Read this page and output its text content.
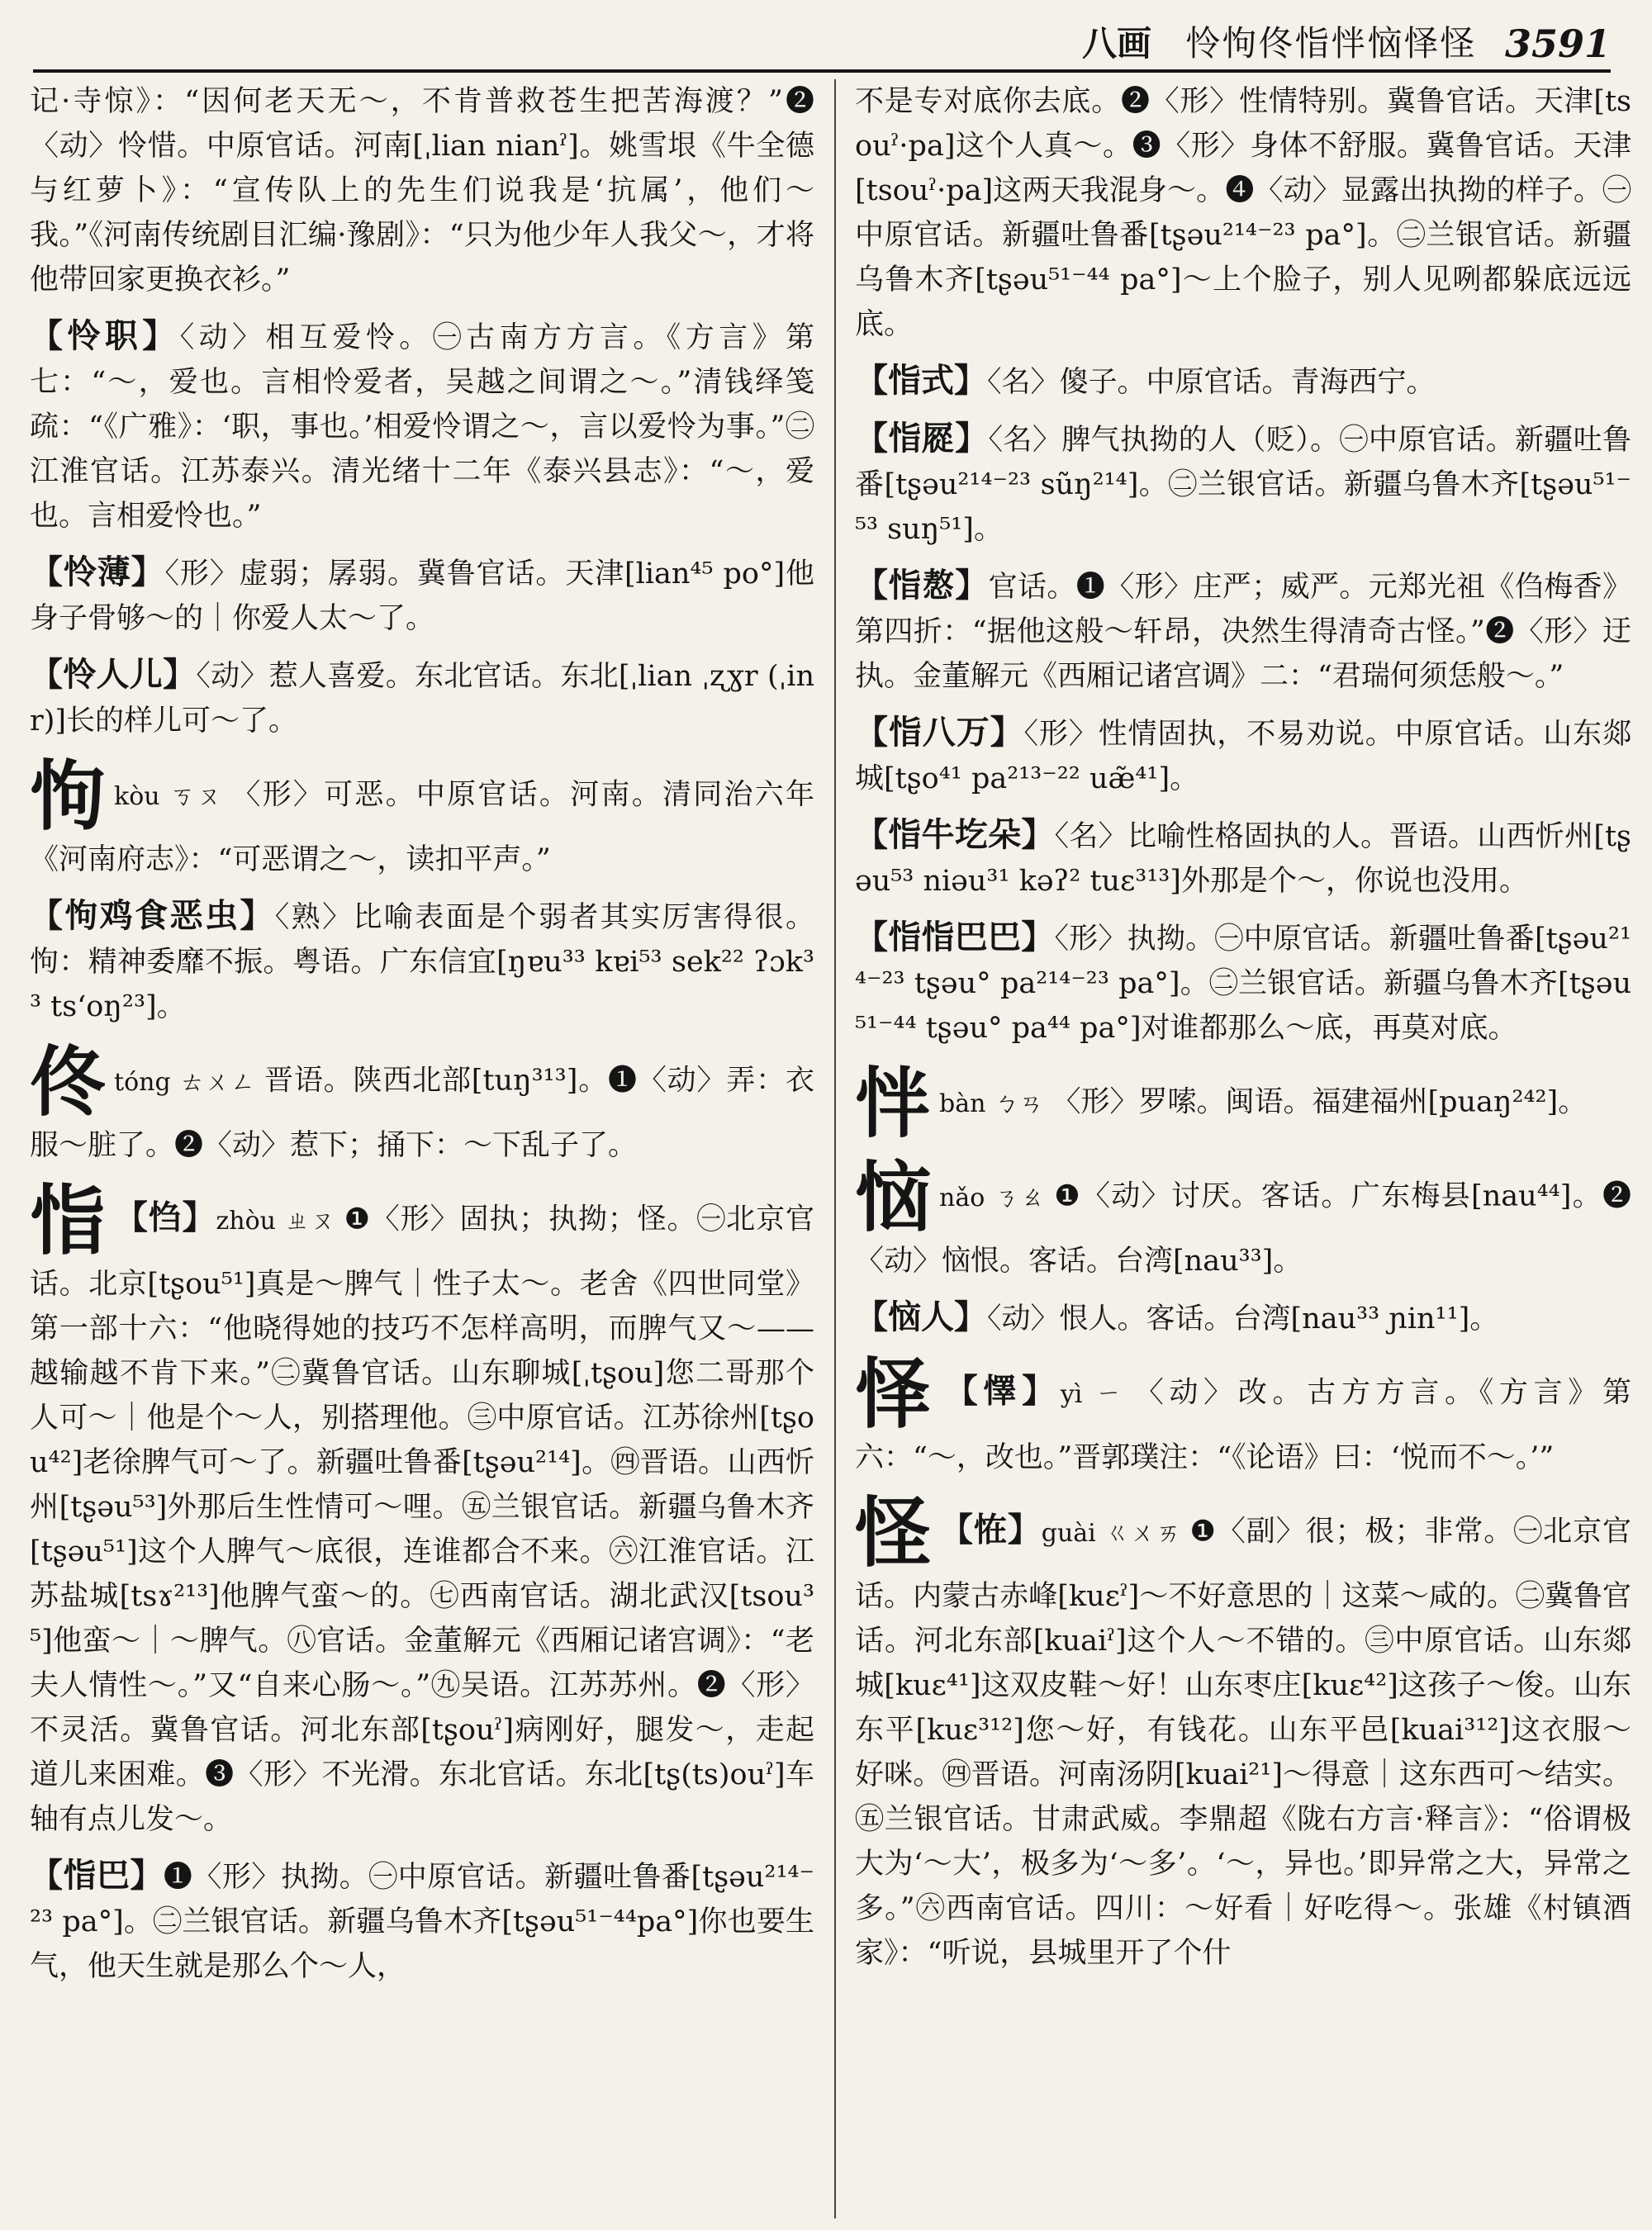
八画 怜怐佟恉怑恼怿怪 3591

记·寺惊》：“因何老天无～，不肯普救苍生把苦海渡？”❷〈动〉怜惜。中原官话。河南[ˌlian nianˀ]。姚雪垠《牛全德与红萝卜》：“宣传队上的先生们说我是‘抗属’，他们～我。”《河南传统剧目汇编·豫剧》：“只为他少年人我父～，才将他带回家更换衣衫。”

【怜职】〈动〉相互爱怜。㊀古南方方言。《方言》第七：“～，爱也。言相怜爱者，吴越之间谓之～。”清钱绎笺疏：“《广雅》：‘职，事也。’相爱怜谓之～，言以爱怜为事。”㊁江淮官话。江苏泰兴。清光绪十二年《泰兴县志》：“～，爱也。言相爱怜也。”

【怜薄】〈形〉虚弱；孱弱。冀鲁官话。天津[lian⁴⁵ po°]他身子骨够～的｜你爱人太～了。

【怜人儿】〈动〉惹人喜爱。东北官话。东北[ˌlian ˌʐɣr (ˌinr)]长的样儿可～了。

怐kòu ㄎㄡ 〈形〉可恶。中原官话。河南。清同治六年《河南府志》：“可恶谓之～，读扣平声。”

【怐鸡食恶虫】〈熟〉比喻表面是个弱者其实厉害得很。怐：精神委靡不振。粤语。广东信宜[ŋɐu³³ kɐi⁵³ sek²² ʔɔk³³ tsʻoŋ²³]。

佟tóng ㄊㄨㄥ 晋语。陕西北部[tuŋ³¹³]。❶〈动〉弄：衣服～脏了。❷〈动〉惹下；捅下：～下乱子了。

恉 【㤘】zhòu ㄓㄡ ❶〈形〉固执；执拗；怪。㊀北京官话。北京[tʂou⁵¹]真是～脾气｜性子太～。老舍《四世同堂》第一部十六：“他晓得她的技巧不怎样高明，而脾气又～——越输越不肯下来。”㊁冀鲁官话。山东聊城[ˌtʂou]您二哥那个人可～｜他是个～人，别搭理他。㊂中原官话。江苏徐州[tʂou⁴²]老徐脾气可～了。新疆吐鲁番[tʂəu²¹⁴]。㊃晋语。山西忻州[tʂəu⁵³]外那后生性情可～哩。㊄兰银官话。新疆乌鲁木齐[tʂəu⁵¹]这个人脾气～底很，连谁都合不来。㊅江淮官话。江苏盐城[tsɤ²¹³]他脾气蛮～的。㊆西南官话。湖北武汉[tsou³⁵]他蛮～｜～脾气。㊇官话。金董解元《西厢记诸宫调》：“老夫人情性～。”又“自来心肠～。”㊈吴语。江苏苏州。❷〈形〉不灵活。冀鲁官话。河北东部[tʂouˀ]病刚好，腿发～，走起道儿来困难。❸〈形〉不光滑。东北官话。东北[tʂ(ts)ouˀ]车轴有点儿发～。

【恉巴】❶〈形〉执拗。㊀中原官话。新疆吐鲁番[tʂəu²¹⁴⁻²³ pa°]。㊁兰银官话。新疆乌鲁木齐[tʂəu⁵¹⁻⁴⁴pa°]你也要生气，他天生就是那么个～人，

不是专对底你去底。❷〈形〉性情特别。冀鲁官话。天津[tsouˀ·pa]这个人真～。❸〈形〉身体不舒服。冀鲁官话。天津[tsouˀ·pa]这两天我混身～。❹〈动〉显露出执拗的样子。㊀中原官话。新疆吐鲁番[tʂəu²¹⁴⁻²³ pa°]。㊁兰银官话。新疆乌鲁木齐[tʂəu⁵¹⁻⁴⁴ pa°]～上个脸子，别人见咧都躲底远远底。

【恉式】〈名〉傻子。中原官话。青海西宁。

【恉㞞】〈名〉脾气执拗的人（贬）。㊀中原官话。新疆吐鲁番[tʂəu²¹⁴⁻²³ sũŋ²¹⁴]。㊁兰银官话。新疆乌鲁木齐[tʂəu⁵¹⁻⁵³ suŋ⁵¹]。

【恉㥿】官话。❶〈形〉庄严；威严。元郑光祖《㑇梅香》第四折：“据他这般～轩昂，决然生得清奇古怪。”❷〈形〉迂执。金董解元《西厢记诸宫调》二：“君瑞何须恁般～。”

【恉八万】〈形〉性情固执，不易劝说。中原官话。山东郯城[tʂo⁴¹ pa²¹³⁻²² uæ̃⁴¹]。

【恉牛圪朵】〈名〉比喻性格固执的人。晋语。山西忻州[tʂəu⁵³ niəu³¹ kəʔ² tuɛ³¹³]外那是个～，你说也没用。

【恉恉巴巴】〈形〉执拗。㊀中原官话。新疆吐鲁番[tʂəu²¹⁴⁻²³ tʂəu° pa²¹⁴⁻²³ pa°]。㊁兰银官话。新疆乌鲁木齐[tʂəu⁵¹⁻⁴⁴ tʂəu° pa⁴⁴ pa°]对谁都那么～底，再莫对底。

怑bàn ㄅㄢ 〈形〉罗嗦。闽语。福建福州[puaŋ²⁴²]。

恼nǎo ㄋㄠ ❶〈动〉讨厌。客话。广东梅县[nau⁴⁴]。❷〈动〉恼恨。客话。台湾[nau³³]。

【恼人】〈动〉恨人。客话。台湾[nau³³ ɲin¹¹]。

怿 【懌】yì ㄧ 〈动〉改。古方方言。《方言》第六：“～，改也。”晋郭璞注：“《论语》曰：‘悦而不～。’”

怪 【恠】guài ㄍㄨㄞ ❶〈副〉很；极；非常。㊀北京官话。内蒙古赤峰[kuɛˀ]～不好意思的｜这菜～咸的。㊁冀鲁官话。河北东部[kuaiˀ]这个人～不错的。㊂中原官话。山东郯城[kuɛ⁴¹]这双皮鞋～好！山东枣庄[kuɛ⁴²]这孩子～俊。山东东平[kuɛ³¹²]您～好，有钱花。山东平邑[kuai³¹²]这衣服～好咪。㊃晋语。河南汤阴[kuai²¹]～得意｜这东西可～结实。㊄兰银官话。甘肃武威。李鼎超《陇右方言·释言》：“俗谓极大为‘～大’，极多为‘～多’。‘～，异也。’即异常之大，异常之多。”㊅西南官话。四川：～好看｜好吃得～。张雄《村镇酒家》：“听说，县城里开了个什
